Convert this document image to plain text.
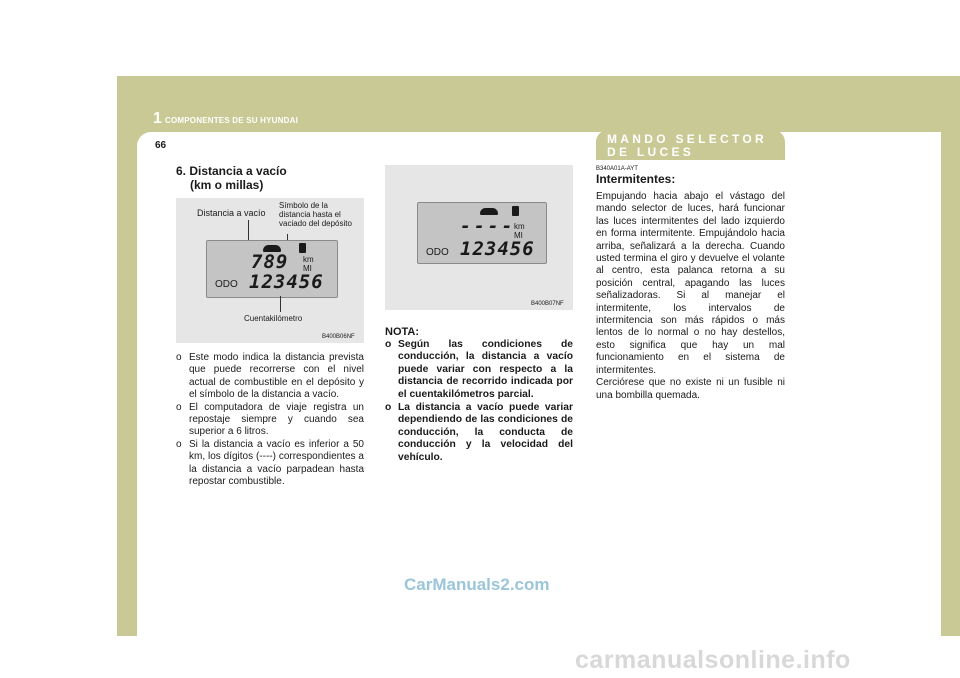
1 COMPONENTES DE SU HYUNDAI
66	MANDO SELECTOR DE LUCES
6. Distancia a vacío
(km o millas)
Distancia a vacío
Símbolo de la distancia hasta el vaciado del depósito
789 km
MI
ODO 123456
Cuentakilómetro
B400B06NF
o Este modo indica la distancia prevista que puede recorrerse con el nivel actual de combustible en el depósito y el símbolo de la distancia a vacío.
o El computadora de viaje registra un repostaje siempre y cuando sea superior a 6 litros.
o Si la distancia a vacío es inferior a 50 km, los dígitos (----) correspondientes a la distancia a vacío parpadean hasta repostar combustible.
----
km
MI
ODO 123456
B400B07NF
NOTA:
o Según las condiciones de conducción, la distancia a vacío puede variar con respecto a la distancia de recorrido indicada por el cuentakilómetros parcial.
o La distancia a vacío puede variar dependiendo de las condiciones de conducción, la conducta de conducción y la velocidad del vehículo.
B340A01A-AYT
Intermitentes:
Empujando hacia abajo el vástago del mando selector de luces, hará funcionar las luces intermitentes del lado izquierdo en forma intermitente. Empujándolo hacia arriba, señalizará a la derecha. Cuando usted termina el giro y devuelve el volante al centro, esta palanca retorna a su posición central, apagando las luces señalizadoras. Si al manejar el intermitente, los intervalos de intermitencia son más rápidos o más lentos de lo normal o no hay destellos, esto significa que hay un mal funcionamiento en el sistema de intermitentes.
Cerciórese que no existe ni un fusible ni una bombilla quemada.
CarManuals2.com
carmanualsonline.info
